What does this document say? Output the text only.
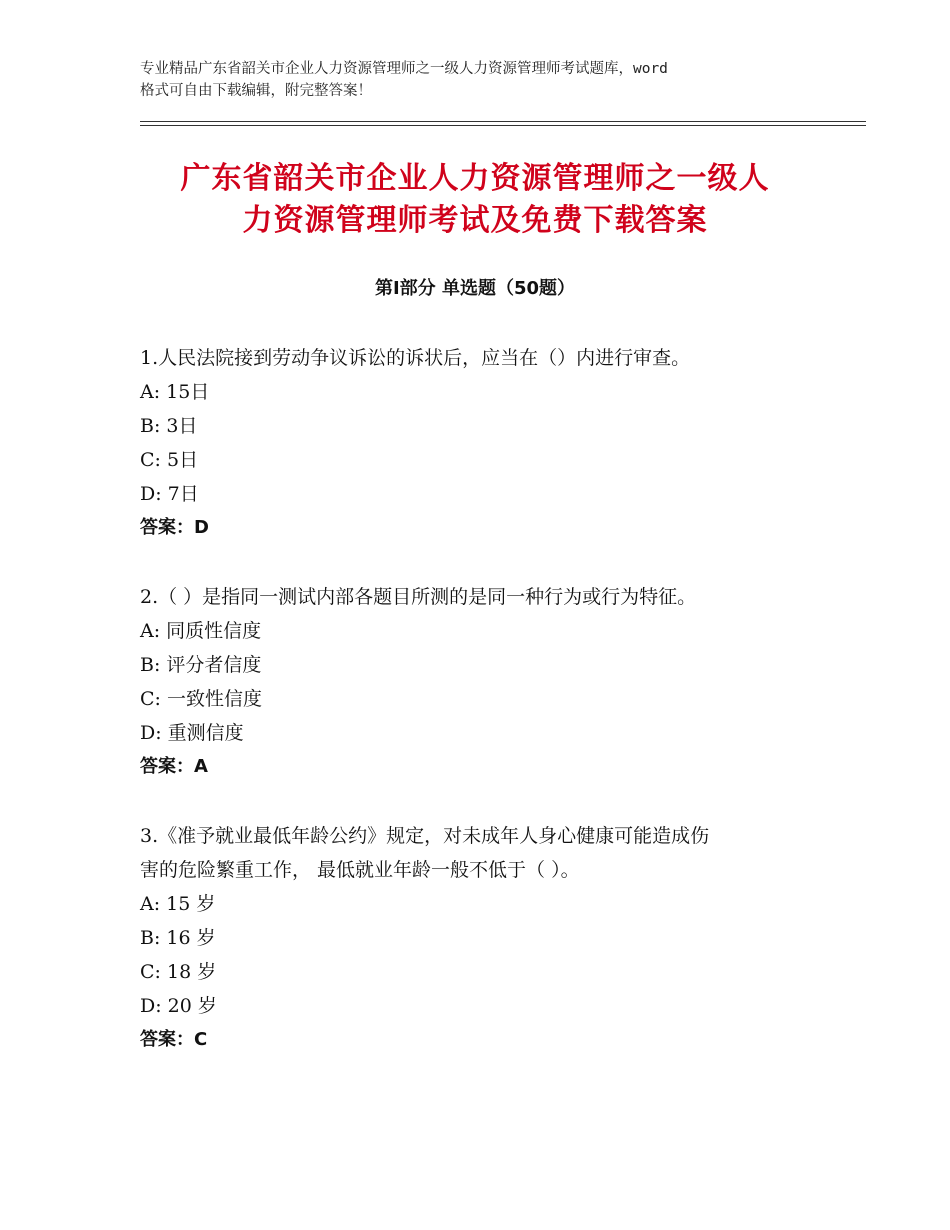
专业精品广东省韶关市企业人力资源管理师之一级人力资源管理师考试题库，word
格式可自由下载编辑，附完整答案！
广东省韶关市企业人力资源管理师之一级人
力资源管理师考试及免费下载答案
第Ⅰ部分 单选题（50题）
1.人民法院接到劳动争议诉讼的诉状后，应当在（）内进行审查。
A: 15日
B: 3日
C: 5日
D: 7日
答案：D
2.（ ）是指同一测试内部各题目所测的是同一种行为或行为特征。
A: 同质性信度
B: 评分者信度
C: 一致性信度
D: 重测信度
答案：A
3.《准予就业最低年龄公约》规定，对未成年人身心健康可能造成伤
害的危险繁重工作， 最低就业年龄一般不低于（ ）。
A: 15 岁
B: 16 岁
C: 18 岁
D: 20 岁
答案：C
